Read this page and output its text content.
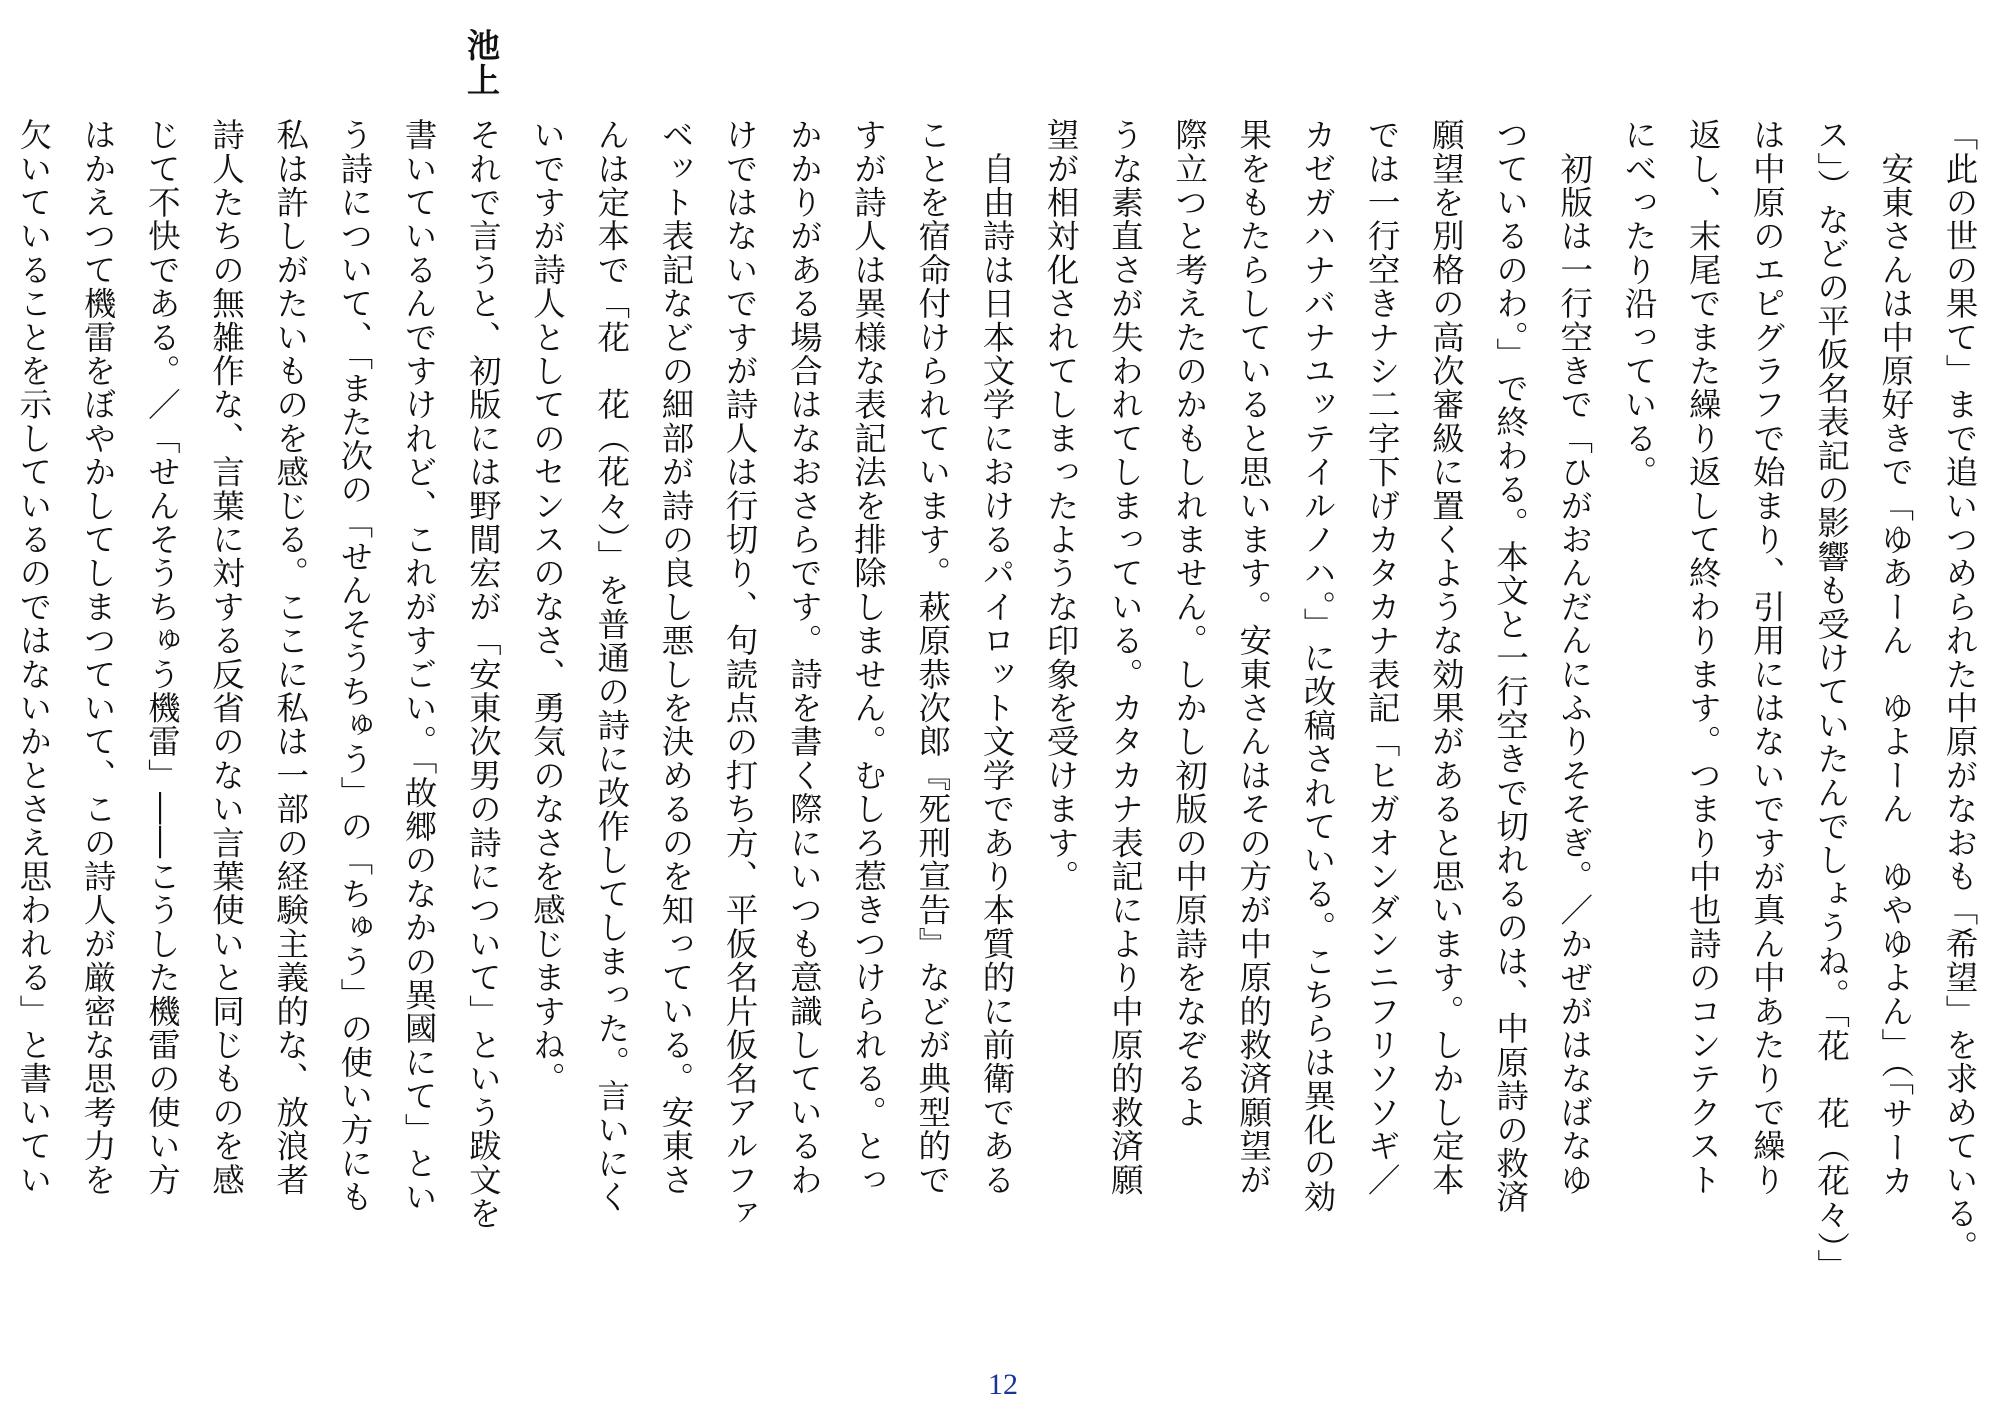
池上
「此の世の果て」まで追いつめられた中原がなおも「希望」を求めている。
　安東さんは中原好きで「ゆあーん　ゆよーん　ゆやゆよん」（「サーカ
ス」）などの平仮名表記の影響も受けていたんでしょうね。「花　花（花々）」
は中原のエピグラフで始まり、引用にはないですが真ん中あたりで繰り
返し、末尾でまた繰り返して終わります。つまり中也詩のコンテクスト
にべったり沿っている。
　初版は一行空きで「ひがおんだんにふりそそぎ。／かぜがはなばなゆ
つているのわ。」で終わる。本文と一行空きで切れるのは、中原詩の救済
願望を別格の高次審級に置くような効果があると思います。しかし定本
では一行空きナシ二字下げカタカナ表記「ヒガオンダンニフリソソギ／
カゼガハナバナユッテイルノハ。」に改稿されている。こちらは異化の効
果をもたらしていると思います。安東さんはその方が中原的救済願望が
際立つと考えたのかもしれません。しかし初版の中原詩をなぞるよ
うな素直さが失われてしまっている。カタカナ表記により中原的救済願
望が相対化されてしまったような印象を受けます。
　自由詩は日本文学におけるパイロット文学であり本質的に前衛である
ことを宿命付けられています。萩原恭次郎『死刑宣告』などが典型的で
すが詩人は異様な表記法を排除しません。むしろ惹きつけられる。とっ
かかりがある場合はなおさらです。詩を書く際にいつも意識しているわ
けではないですが詩人は行切り、句読点の打ち方、平仮名片仮名アルファ
ベット表記などの細部が詩の良し悪しを決めるのを知っている。安東さ
んは定本で「花　花（花々）」を普通の詩に改作してしまった。言いにく
いですが詩人としてのセンスのなさ、勇気のなさを感じますね。
それで言うと、初版には野間宏が「安東次男の詩について」という跋文を
書いているんですけれど、これがすごい。「故郷のなかの異國にて」とい
う詩について、「また次の「せんそうちゅう」の「ちゅう」の使い方にも
私は許しがたいものを感じる。ここに私は一部の経験主義的な、放浪者
詩人たちの無雑作な、言葉に対する反省のない言葉使いと同じものを感
じて不快である。／「せんそうちゅう機雷」――こうした機雷の使い方
はかえつて機雷をぼやかしてしまつていて、この詩人が厳密な思考力を
欠いていることを示しているのではないかとさえ思われる」と書いてい
12
